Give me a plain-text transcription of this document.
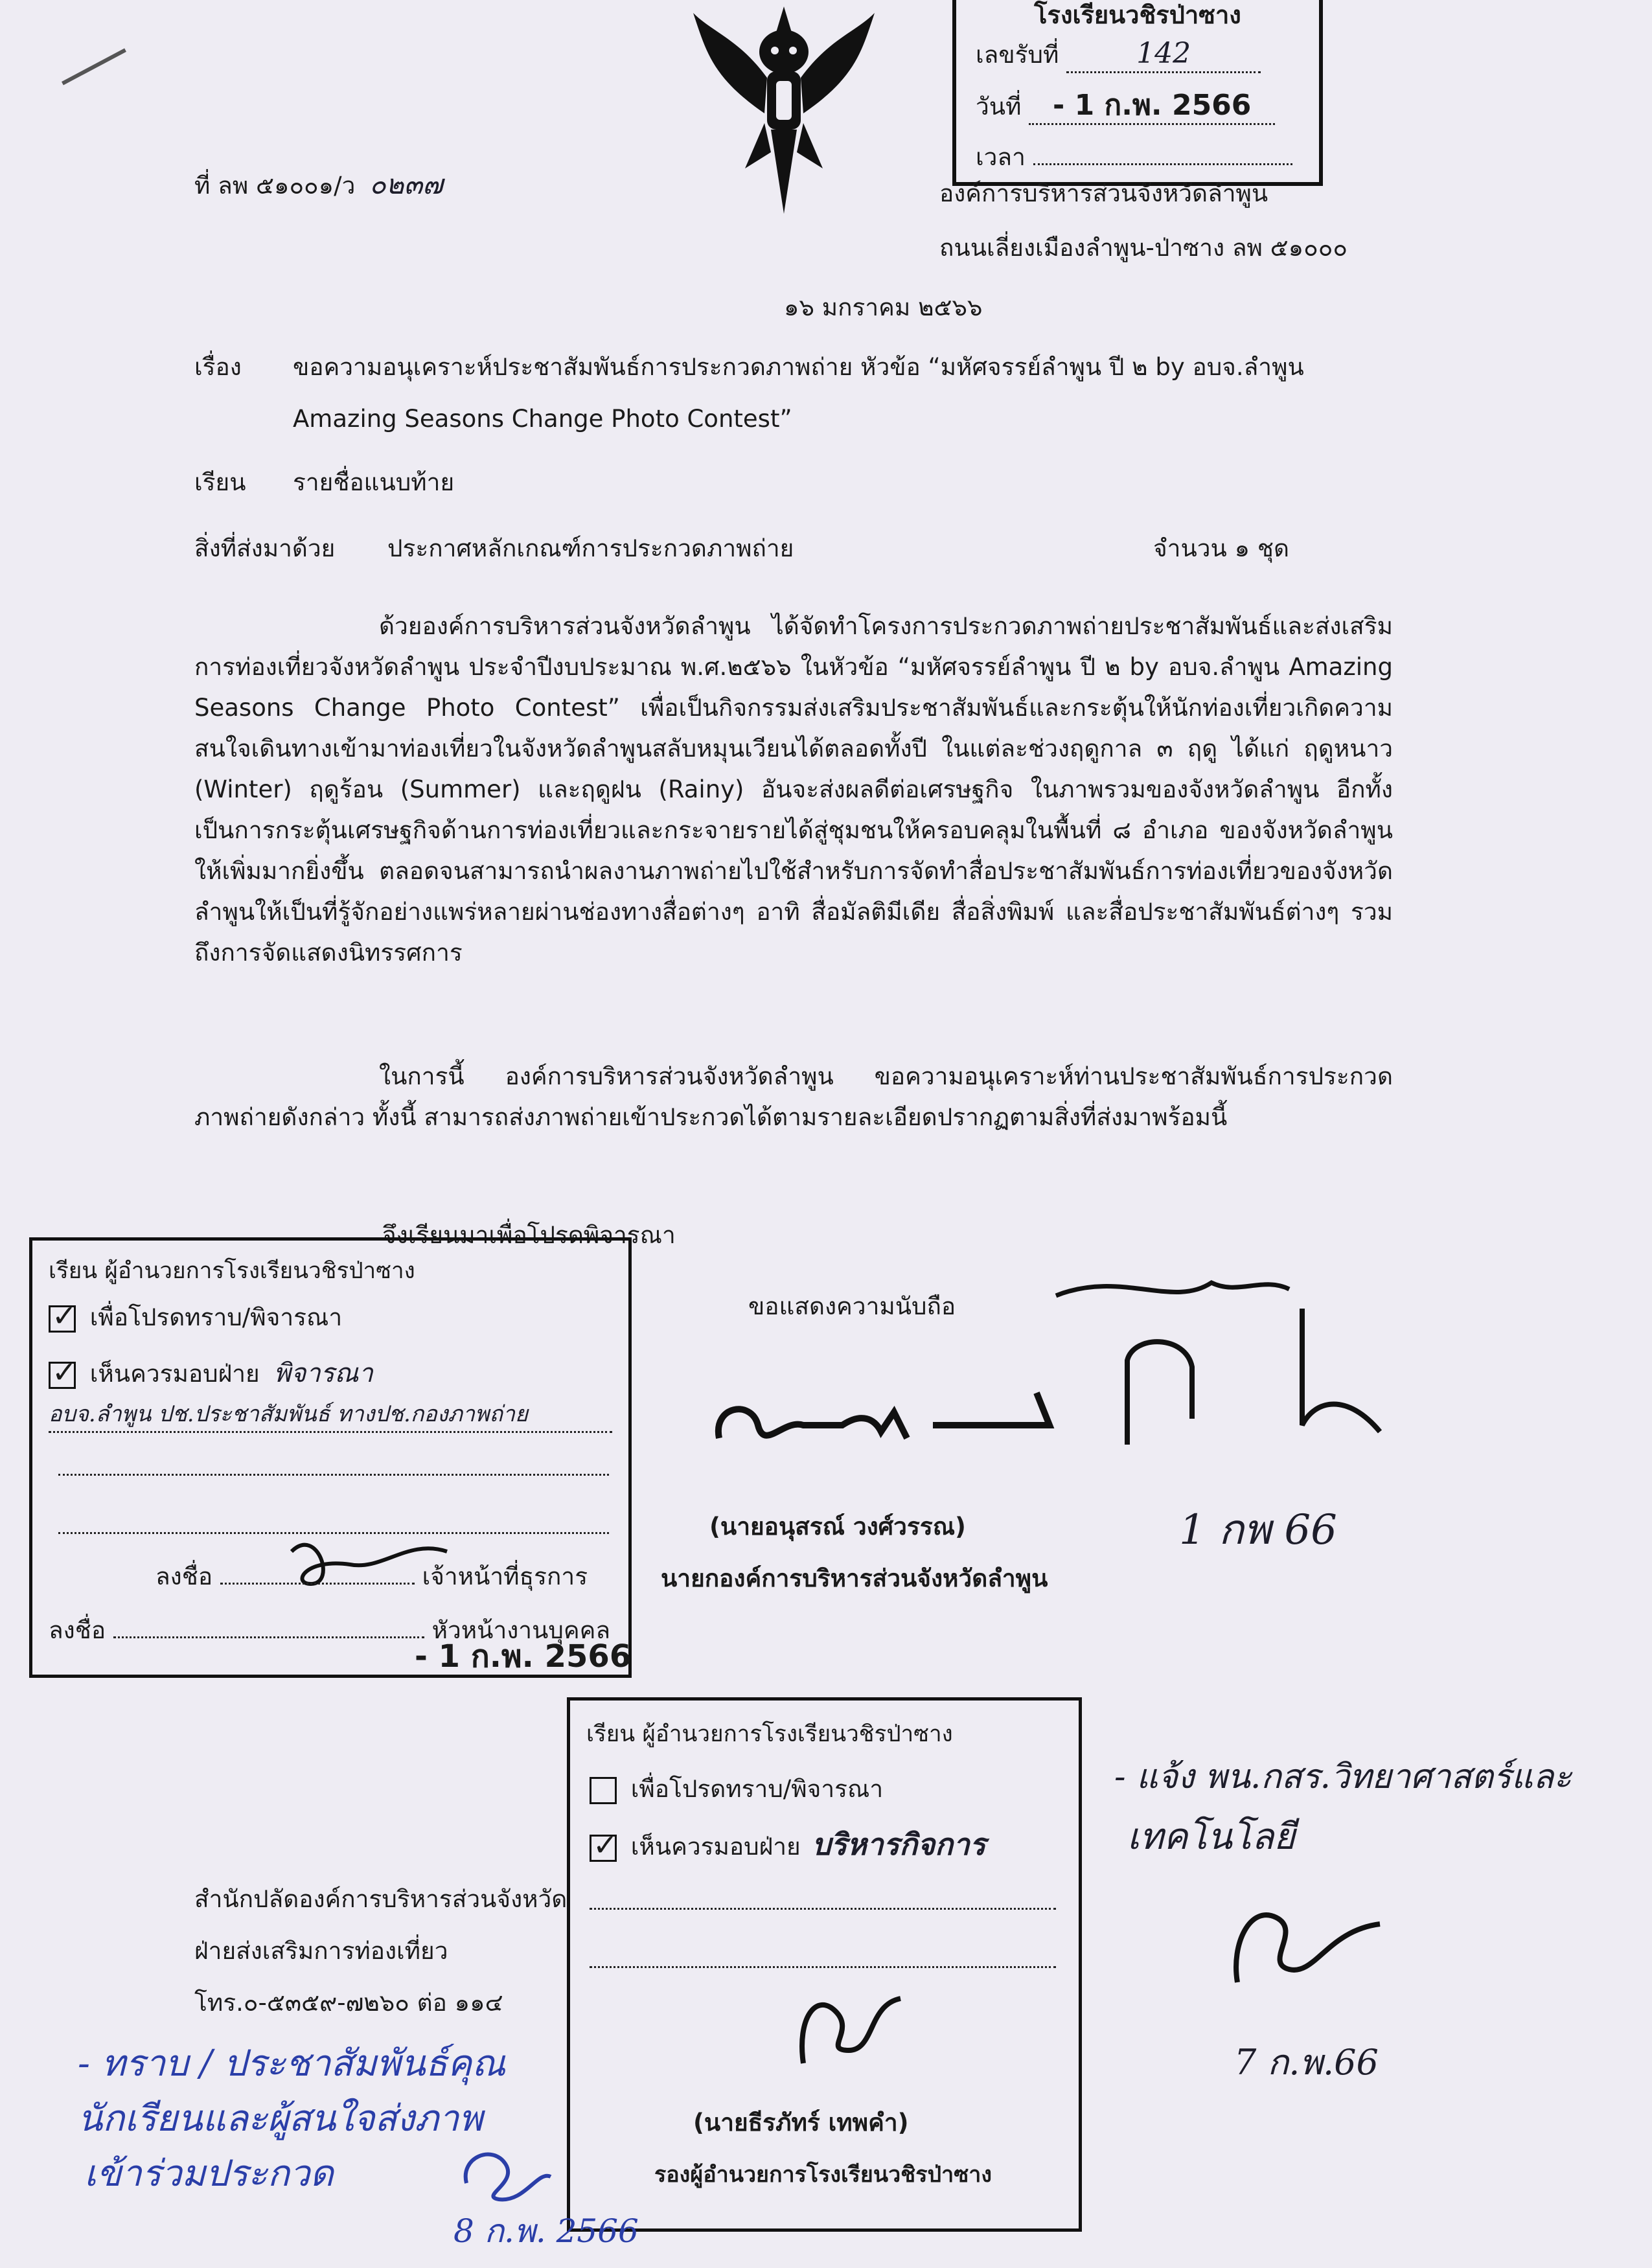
โรงเรียนวชิรป่าซาง
เลขรับที่	142
วันที่ - 1 ก.พ. 2566
เวลา
ที่ ลพ ๕๑๐๐๑/ว ๐๒๓๗	องค์การบริหารส่วนจังหวัดลำพูน
ถนนเลี่ยงเมืองลำพูน-ป่าซาง ลพ ๕๑๐๐๐
๑๖ มกราคม ๒๕๖๖
เรื่อง ขอความอนุเคราะห์ประชาสัมพันธ์การประกวดภาพถ่าย หัวข้อ “มหัศจรรย์ลำพูน ปี ๒ by อบจ.ลำพูน
Amazing Seasons Change Photo Contest”
เรียน รายชื่อแนบท้าย
สิ่งที่ส่งมาด้วย ประกาศหลักเกณฑ์การประกวดภาพถ่าย	จำนวน ๑ ชุด
ด้วยองค์การบริหารส่วนจังหวัดลำพูน ได้จัดทำโครงการประกวดภาพถ่ายประชาสัมพันธ์และส่งเสริมการท่องเที่ยวจังหวัดลำพูน ประจำปีงบประมาณ พ.ศ.๒๕๖๖ ในหัวข้อ “มหัศจรรย์ลำพูน ปี ๒ by อบจ.ลำพูน Amazing Seasons Change Photo Contest” เพื่อเป็นกิจกรรมส่งเสริมประชาสัมพันธ์และกระตุ้นให้นักท่องเที่ยวเกิดความสนใจเดินทางเข้ามาท่องเที่ยวในจังหวัดลำพูนสลับหมุนเวียนได้ตลอดทั้งปี ในแต่ละช่วงฤดูกาล ๓ ฤดู ได้แก่ ฤดูหนาว (Winter) ฤดูร้อน (Summer) และฤดูฝน (Rainy) อันจะส่งผลดีต่อเศรษฐกิจ ในภาพรวมของจังหวัดลำพูน อีกทั้งเป็นการกระตุ้นเศรษฐกิจด้านการท่องเที่ยวและกระจายรายได้สู่ชุมชนให้ครอบคลุมในพื้นที่ ๘ อำเภอ ของจังหวัดลำพูนให้เพิ่มมากยิ่งขึ้น ตลอดจนสามารถนำผลงานภาพถ่ายไปใช้สำหรับการจัดทำสื่อประชาสัมพันธ์การท่องเที่ยวของจังหวัดลำพูนให้เป็นที่รู้จักอย่างแพร่หลายผ่านช่องทางสื่อต่างๆ อาทิ สื่อมัลติมีเดีย สื่อสิ่งพิมพ์ และสื่อประชาสัมพันธ์ต่างๆ รวมถึงการจัดแสดงนิทรรศการ
ในการนี้ องค์การบริหารส่วนจังหวัดลำพูน ขอความอนุเคราะห์ท่านประชาสัมพันธ์การประกวดภาพถ่ายดังกล่าว ทั้งนี้ สามารถส่งภาพถ่ายเข้าประกวดได้ตามรายละเอียดปรากฏตามสิ่งที่ส่งมาพร้อมนี้
จึงเรียนมาเพื่อโปรดพิจารณา
ขอแสดงความนับถือ
(นายอนุสรณ์ วงศ์วรรณ)
นายกองค์การบริหารส่วนจังหวัดลำพูน
1 กพ 66
- แจ้ง พน.กสร.วิทยาศาสตร์และ
เทคโนโลยี
7 ก.พ.66
เรียน ผู้อำนวยการโรงเรียนวชิรป่าซาง
✓ เพื่อโปรดทราบ/พิจารณา
✓ เห็นควรมอบฝ่าย พิจารณา
อบจ.ลำพูน ปช.ประชาสัมพันธ์ ทางปช.กองภาพถ่าย
ลงชื่อ	เจ้าหน้าที่ธุรการ
ลงชื่อ	หัวหน้างานบุคคล
- 1 ก.พ. 2566
เรียน ผู้อำนวยการโรงเรียนวชิรป่าซาง
เพื่อโปรดทราบ/พิจารณา
✓ เห็นควรมอบฝ่าย บริหารกิจการ
(นายธีรภัทร์ เทพคำ)
รองผู้อำนวยการโรงเรียนวชิรป่าซาง
สำนักปลัดองค์การบริหารส่วนจังหวัด
ฝ่ายส่งเสริมการท่องเที่ยว
โทร.๐-๕๓๕๙-๗๒๖๐ ต่อ ๑๑๔
- ทราบ / ประชาสัมพันธ์คุณ
นักเรียนและผู้สนใจส่งภาพ
เข้าร่วมประกวด
8 ก.พ. 2566
